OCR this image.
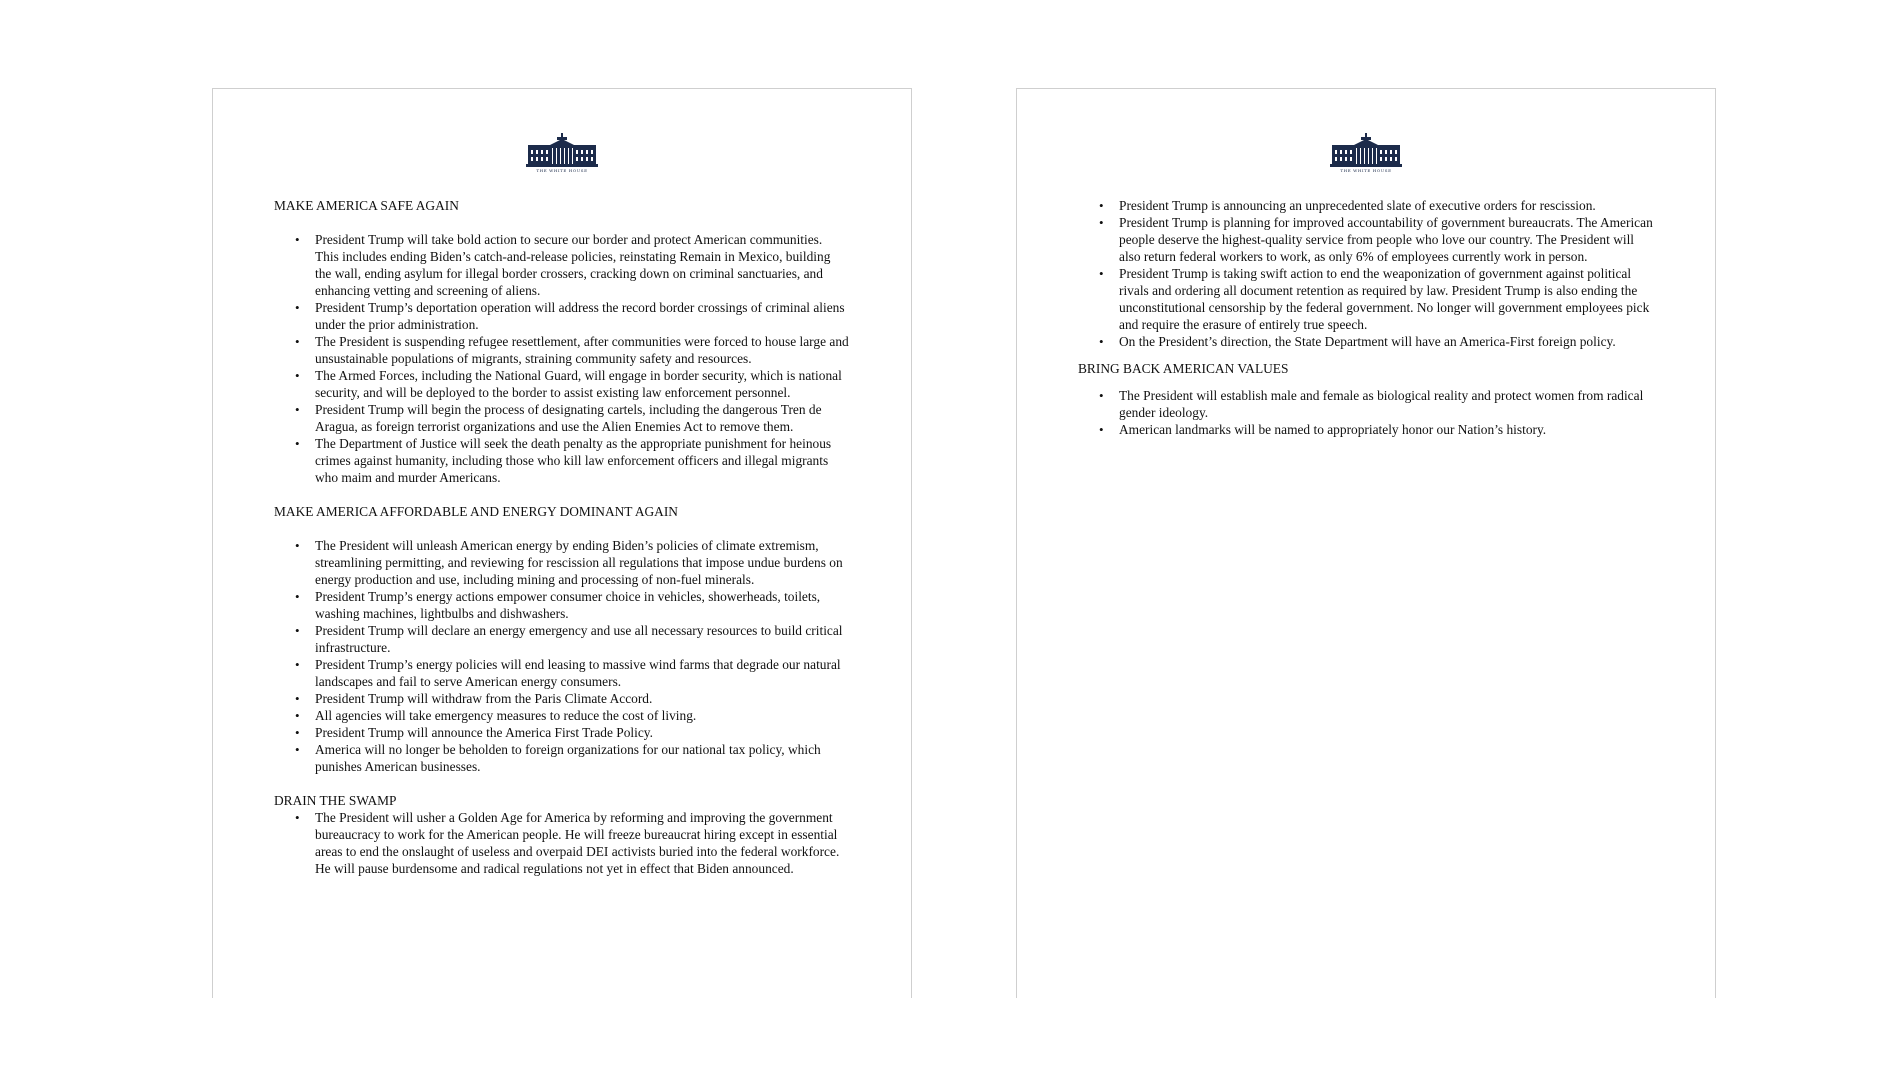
THE WHITE HOUSE

MAKE AMERICA SAFE AGAIN

• President Trump will take bold action to secure our border and protect American communities. This includes ending Biden’s catch-and-release policies, reinstating Remain in Mexico, building the wall, ending asylum for illegal border crossers, cracking down on criminal sanctuaries, and enhancing vetting and screening of aliens.
• President Trump’s deportation operation will address the record border crossings of criminal aliens under the prior administration.
• The President is suspending refugee resettlement, after communities were forced to house large and unsustainable populations of migrants, straining community safety and resources.
• The Armed Forces, including the National Guard, will engage in border security, which is national security, and will be deployed to the border to assist existing law enforcement personnel.
• President Trump will begin the process of designating cartels, including the dangerous Tren de Aragua, as foreign terrorist organizations and use the Alien Enemies Act to remove them.
• The Department of Justice will seek the death penalty as the appropriate punishment for heinous crimes against humanity, including those who kill law enforcement officers and illegal migrants who maim and murder Americans.

MAKE AMERICA AFFORDABLE AND ENERGY DOMINANT AGAIN

• The President will unleash American energy by ending Biden’s policies of climate extremism, streamlining permitting, and reviewing for rescission all regulations that impose undue burdens on energy production and use, including mining and processing of non-fuel minerals.
• President Trump’s energy actions empower consumer choice in vehicles, showerheads, toilets, washing machines, lightbulbs and dishwashers.
• President Trump will declare an energy emergency and use all necessary resources to build critical infrastructure.
• President Trump’s energy policies will end leasing to massive wind farms that degrade our natural landscapes and fail to serve American energy consumers.
• President Trump will withdraw from the Paris Climate Accord.
• All agencies will take emergency measures to reduce the cost of living.
• President Trump will announce the America First Trade Policy.
• America will no longer be beholden to foreign organizations for our national tax policy, which punishes American businesses.

DRAIN THE SWAMP

• The President will usher a Golden Age for America by reforming and improving the government bureaucracy to work for the American people. He will freeze bureaucrat hiring except in essential areas to end the onslaught of useless and overpaid DEI activists buried into the federal workforce. He will pause burdensome and radical regulations not yet in effect that Biden announced.
THE WHITE HOUSE
• President Trump is announcing an unprecedented slate of executive orders for rescission.
• President Trump is planning for improved accountability of government bureaucrats. The American people deserve the highest-quality service from people who love our country. The President will also return federal workers to work, as only 6% of employees currently work in person.
• President Trump is taking swift action to end the weaponization of government against political rivals and ordering all document retention as required by law. President Trump is also ending the unconstitutional censorship by the federal government. No longer will government employees pick and require the erasure of entirely true speech.
• On the President’s direction, the State Department will have an America-First foreign policy.

BRING BACK AMERICAN VALUES

• The President will establish male and female as biological reality and protect women from radical gender ideology.
• American landmarks will be named to appropriately honor our Nation’s history.
